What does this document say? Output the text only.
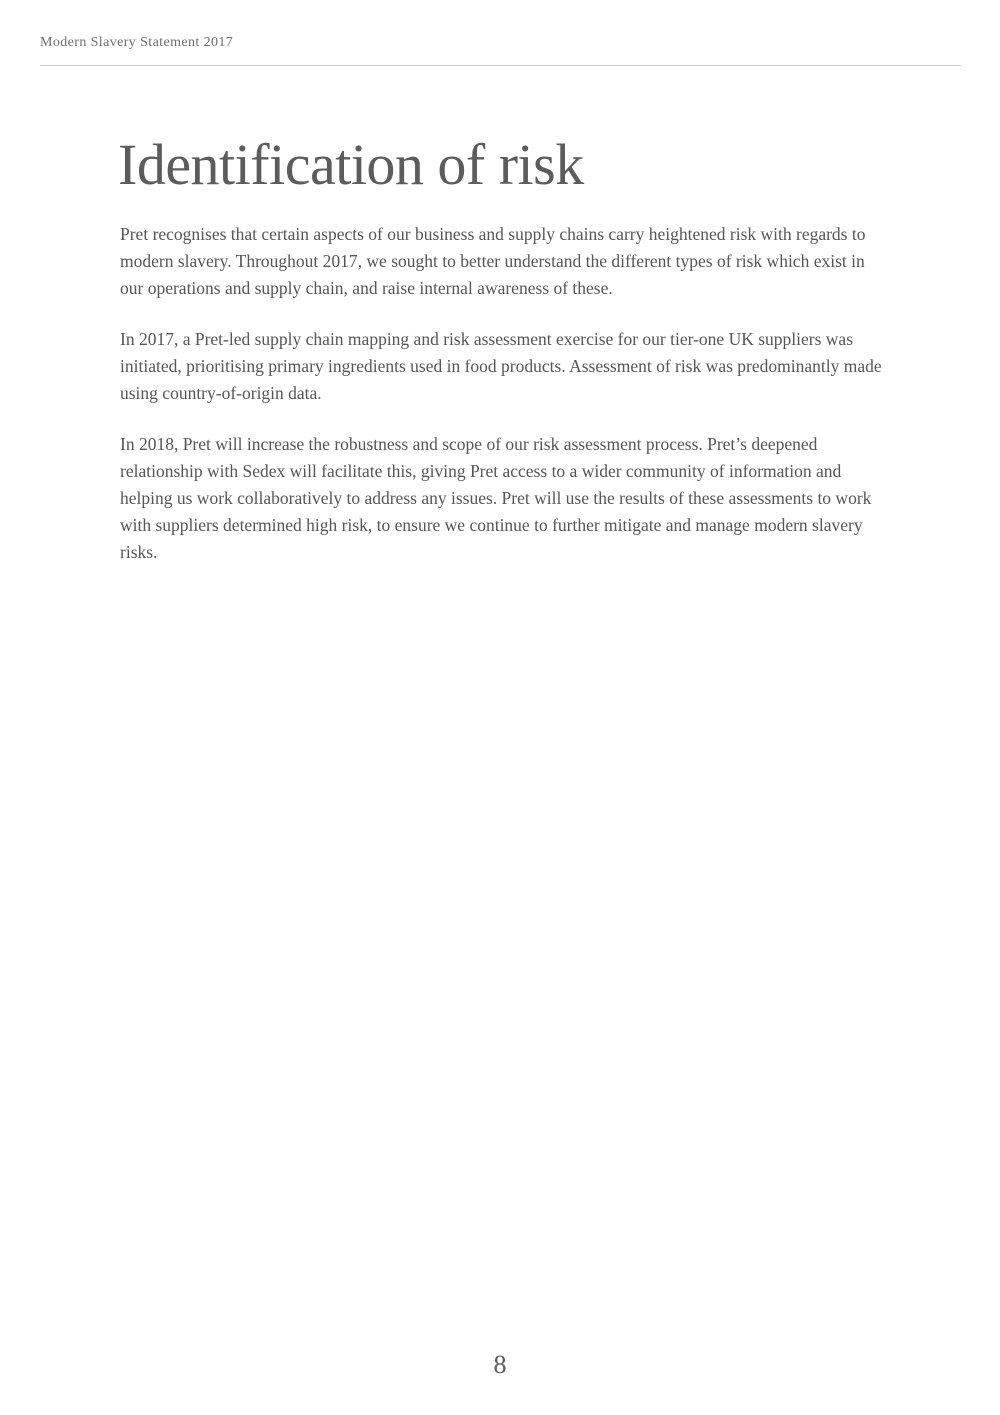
Modern Slavery Statement 2017
Identification of risk

Pret recognises that certain aspects of our business and supply chains carry heightened risk with regards to modern slavery. Throughout 2017, we sought to better understand the different types of risk which exist in our operations and supply chain, and raise internal awareness of these.

In 2017, a Pret-led supply chain mapping and risk assessment exercise for our tier-one UK suppliers was initiated, prioritising primary ingredients used in food products. Assessment of risk was predominantly made using country-of-origin data.

In 2018, Pret will increase the robustness and scope of our risk assessment process. Pret’s deepened relationship with Sedex will facilitate this, giving Pret access to a wider community of information and helping us work collaboratively to address any issues. Pret will use the results of these assessments to work with suppliers determined high risk, to ensure we continue to further mitigate and manage modern slavery risks.

8
